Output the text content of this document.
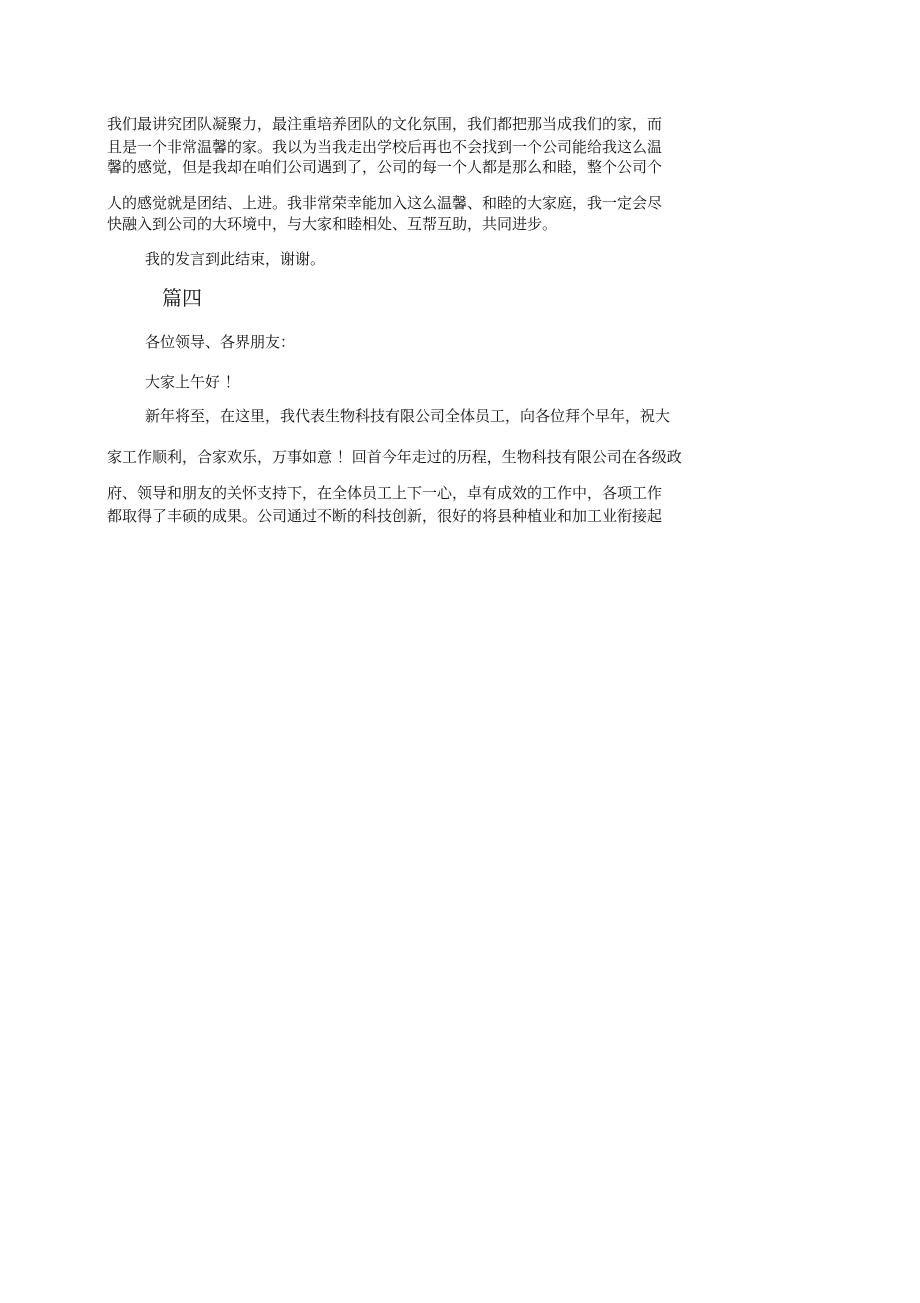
我们最讲究团队凝聚力，最注重培养团队的文化氛围，我们都把那当成我们的家，而
且是一个非常温馨的家。我以为当我走出学校后再也不会找到一个公司能给我这么温
馨的感觉，但是我却在咱们公司遇到了，公司的每一个人都是那么和睦，整个公司个
人的感觉就是团结、上进。我非常荣幸能加入这么温馨、和睦的大家庭，我一定会尽
快融入到公司的大环境中，与大家和睦相处、互帮互助，共同进步。
我的发言到此结束，谢谢。
篇四
各位领导、各界朋友：
大家上午好 ！
新年将至，在这里，我代表生物科技有限公司全体员工，向各位拜个早年，祝大
家工作顺利，合家欢乐，万事如意 ！回首今年走过的历程，生物科技有限公司在各级政
府、领导和朋友的关怀支持下，在全体员工上下一心，卓有成效的工作中，各项工作
都取得了丰硕的成果。公司通过不断的科技创新，很好的将县种植业和加工业衔接起
